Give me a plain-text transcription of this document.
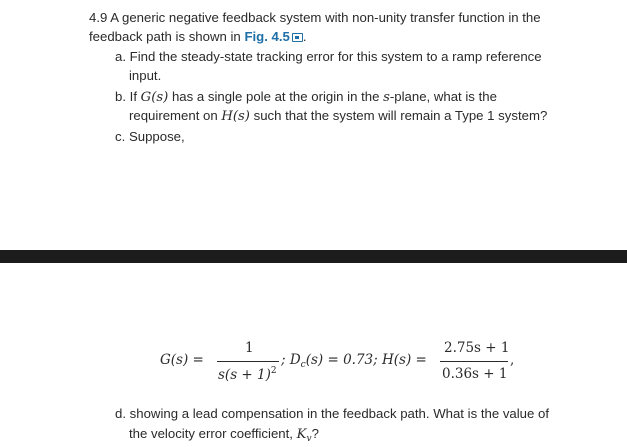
4.9 A generic negative feedback system with non-unity transfer function in the
feedback path is shown in Fig. 4.5 .
a. Find the steady-state tracking error for this system to a ramp reference
input.
b. If G(s) has a single pole at the origin in the s-plane, what is the
requirement on H(s) such that the system will remain a Type 1 system?
c. Suppose,
G(s) =
1
$s(s + 1)^2$
; $D_c(s) = 0.73$; H(s) =
2.75s + 1
0.36s + 1
,
d. showing a lead compensation in the feedback path. What is the value of
the velocity error coefficient, $K_v$?
